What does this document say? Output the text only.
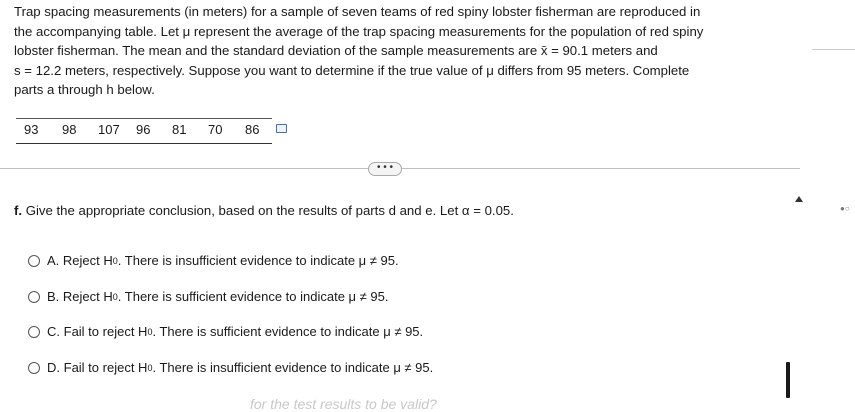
Trap spacing measurements (in meters) for a sample of seven teams of red spiny lobster fisherman are reproduced in
the accompanying table. Let μ represent the average of the trap spacing measurements for the population of red spiny
lobster fisherman. The mean and the standard deviation of the sample measurements are x̄ = 90.1 meters and
s = 12.2 meters, respectively. Suppose you want to determine if the true value of μ differs from 95 meters. Complete
parts a through h below.
93 98 107 96 81 70 86
• • •
●○
f. Give the appropriate conclusion, based on the results of parts d and e. Let α = 0.05.
A.
Reject H 0 . There is insufficient evidence to indicate μ ≠ 95.
B.
Reject H 0 . There is sufficient evidence to indicate μ ≠ 95.
C.
Fail to reject H 0 . There is sufficient evidence to indicate μ ≠ 95.
D.
Fail to reject H 0 . There is insufficient evidence to indicate μ ≠ 95.
for the test results to be valid?
